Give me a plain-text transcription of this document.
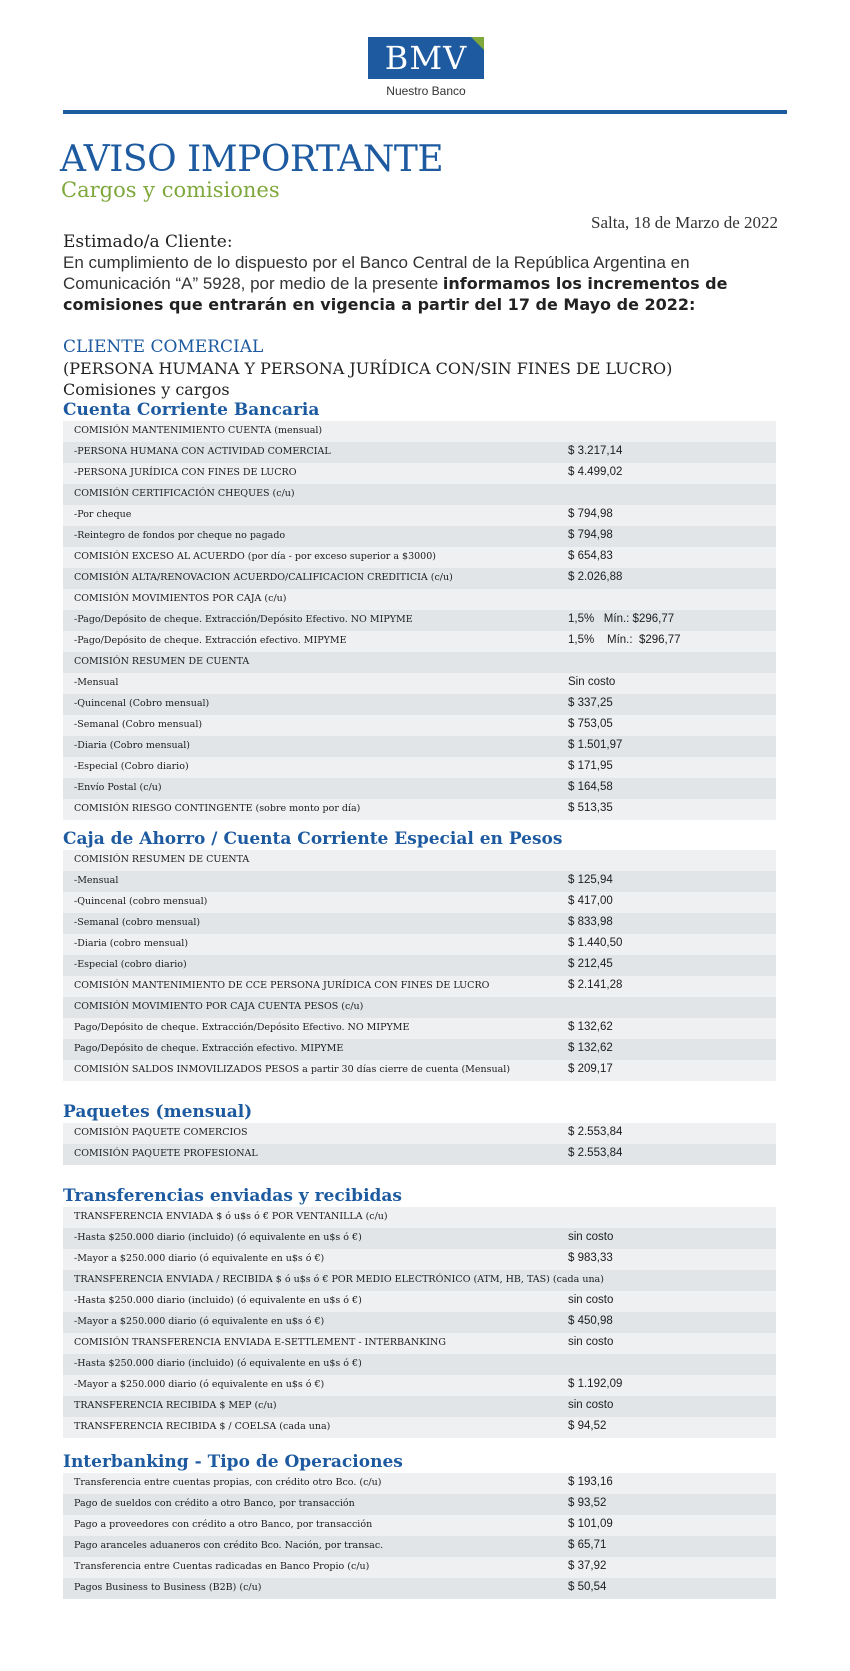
BMV
Nuestro Banco
AVISO IMPORTANTE
Cargos y comisiones
Salta, 18 de Marzo de 2022
Estimado/a Cliente:
En cumplimiento de lo dispuesto por el Banco Central de la República Argentina en Comunicación “A” 5928, por medio de la presente informamos los incrementos de comisiones que entrarán en vigencia a partir del 17 de Mayo de 2022:
CLIENTE COMERCIAL
(PERSONA HUMANA Y PERSONA JURÍDICA CON/SIN FINES DE LUCRO)
Comisiones y cargos
Cuenta Corriente Bancaria
COMISIÓN MANTENIMIENTO CUENTA (mensual)
-PERSONA HUMANA CON ACTIVIDAD COMERCIAL	$ 3.217,14
-PERSONA JURÍDICA CON FINES DE LUCRO	$ 4.499,02
COMISIÓN CERTIFICACIÓN CHEQUES (c/u)
-Por cheque	$ 794,98
-Reintegro de fondos por cheque no pagado	$ 794,98
COMISIÓN EXCESO AL ACUERDO (por día - por exceso superior a $3000)	$ 654,83
COMISIÓN ALTA/RENOVACION ACUERDO/CALIFICACION CREDITICIA (c/u)	$ 2.026,88
COMISIÓN MOVIMIENTOS POR CAJA (c/u)
-Pago/Depósito de cheque. Extracción/Depósito Efectivo. NO MIPYME	1,5%   Mín.: $296,77
-Pago/Depósito de cheque. Extracción efectivo. MIPYME	1,5%    Mín.:  $296,77
COMISIÓN RESUMEN DE CUENTA
-Mensual	Sin costo
-Quincenal (Cobro mensual)	$ 337,25
-Semanal (Cobro mensual)	$ 753,05
-Diaria (Cobro mensual)	$ 1.501,97
-Especial (Cobro diario)	$ 171,95
-Envío Postal (c/u)	$ 164,58
COMISIÓN RIESGO CONTINGENTE (sobre monto por día)	$ 513,35
Caja de Ahorro / Cuenta Corriente Especial en Pesos
COMISIÓN RESUMEN DE CUENTA
-Mensual	$ 125,94
-Quincenal (cobro mensual)	$ 417,00
-Semanal (cobro mensual)	$ 833,98
-Diaria (cobro mensual)	$ 1.440,50
-Especial (cobro diario)	$ 212,45
COMISIÓN MANTENIMIENTO DE CCE PERSONA JURÍDICA CON FINES DE LUCRO	$ 2.141,28
COMISIÓN MOVIMIENTO POR CAJA CUENTA PESOS (c/u)
Pago/Depósito de cheque. Extracción/Depósito Efectivo. NO MIPYME	$ 132,62
Pago/Depósito de cheque. Extracción efectivo. MIPYME	$ 132,62
COMISIÓN SALDOS INMOVILIZADOS PESOS a partir 30 días cierre de cuenta (Mensual)	$ 209,17
Paquetes (mensual)
COMISIÓN PAQUETE COMERCIOS	$ 2.553,84
COMISIÓN PAQUETE PROFESIONAL	$ 2.553,84
Transferencias enviadas y recibidas
TRANSFERENCIA ENVIADA $ ó u$s ó € POR VENTANILLA (c/u)
-Hasta $250.000 diario (incluido) (ó equivalente en u$s ó €)	sin costo
-Mayor a $250.000 diario (ó equivalente en u$s ó €)	$ 983,33
TRANSFERENCIA ENVIADA / RECIBIDA $ ó u$s ó € POR MEDIO ELECTRÓNICO (ATM, HB, TAS) (cada una)
-Hasta $250.000 diario (incluido) (ó equivalente en u$s ó €)	sin costo
-Mayor a $250.000 diario (ó equivalente en u$s ó €)	$ 450,98
COMISIÓN TRANSFERENCIA ENVIADA E-SETTLEMENT - INTERBANKING	sin costo
-Hasta $250.000 diario (incluido) (ó equivalente en u$s ó €)
-Mayor a $250.000 diario (ó equivalente en u$s ó €)	$ 1.192,09
TRANSFERENCIA RECIBIDA $ MEP (c/u)	sin costo
TRANSFERENCIA RECIBIDA $ / COELSA (cada una)	$ 94,52
Interbanking - Tipo de Operaciones
Transferencia entre cuentas propias, con crédito otro Bco. (c/u)	$ 193,16
Pago de sueldos con crédito a otro Banco, por transacción	$ 93,52
Pago a proveedores con crédito a otro Banco, por transacción	$ 101,09
Pago aranceles aduaneros con crédito Bco. Nación, por transac.	$ 65,71
Transferencia entre Cuentas radicadas en Banco Propio (c/u)	$ 37,92
Pagos Business to Business (B2B) (c/u)	$ 50,54
